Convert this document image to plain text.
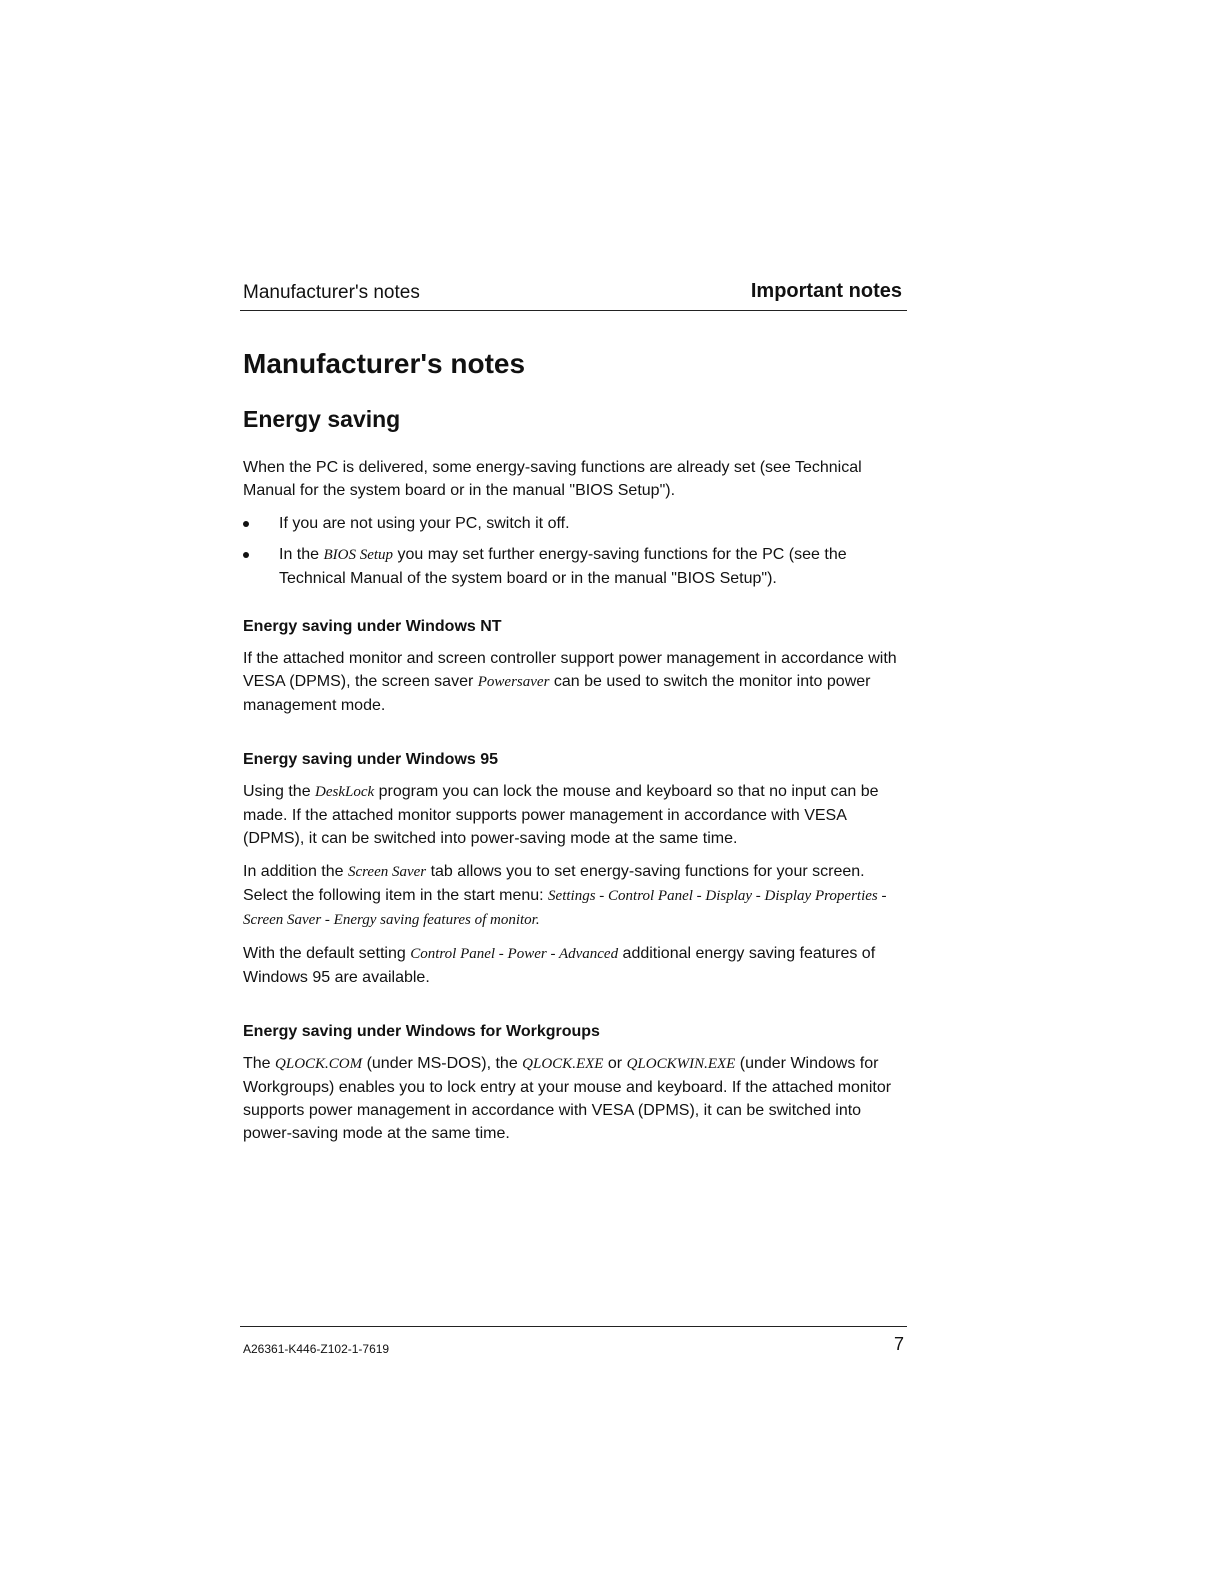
Manufacturer's notes	Important notes
Manufacturer's notes
Energy saving

When the PC is delivered, some energy-saving functions are already set (see Technical Manual for the system board or in the manual "BIOS Setup").

If you are not using your PC, switch it off.
In the BIOS Setup you may set further energy-saving functions for the PC (see the Technical Manual of the system board or in the manual "BIOS Setup").
Energy saving under Windows NT

If the attached monitor and screen controller support power management in accordance with VESA (DPMS), the screen saver Powersaver can be used to switch the monitor into power management mode.

Energy saving under Windows 95

Using the DeskLock program you can lock the mouse and keyboard so that no input can be made. If the attached monitor supports power management in accordance with VESA (DPMS), it can be switched into power-saving mode at the same time.

In addition the Screen Saver tab allows you to set energy-saving functions for your screen. Select the following item in the start menu: Settings - Control Panel - Display - Display Properties - Screen Saver - Energy saving features of monitor.

With the default setting Control Panel - Power - Advanced additional energy saving features of Windows 95 are available.

Energy saving under Windows for Workgroups

The QLOCK.COM (under MS-DOS), the QLOCK.EXE or QLOCKWIN.EXE (under Windows for Workgroups) enables you to lock entry at your mouse and keyboard. If the attached monitor supports power management in accordance with VESA (DPMS), it can be switched into power-saving mode at the same time.

A26361-K446-Z102-1-7619	7
